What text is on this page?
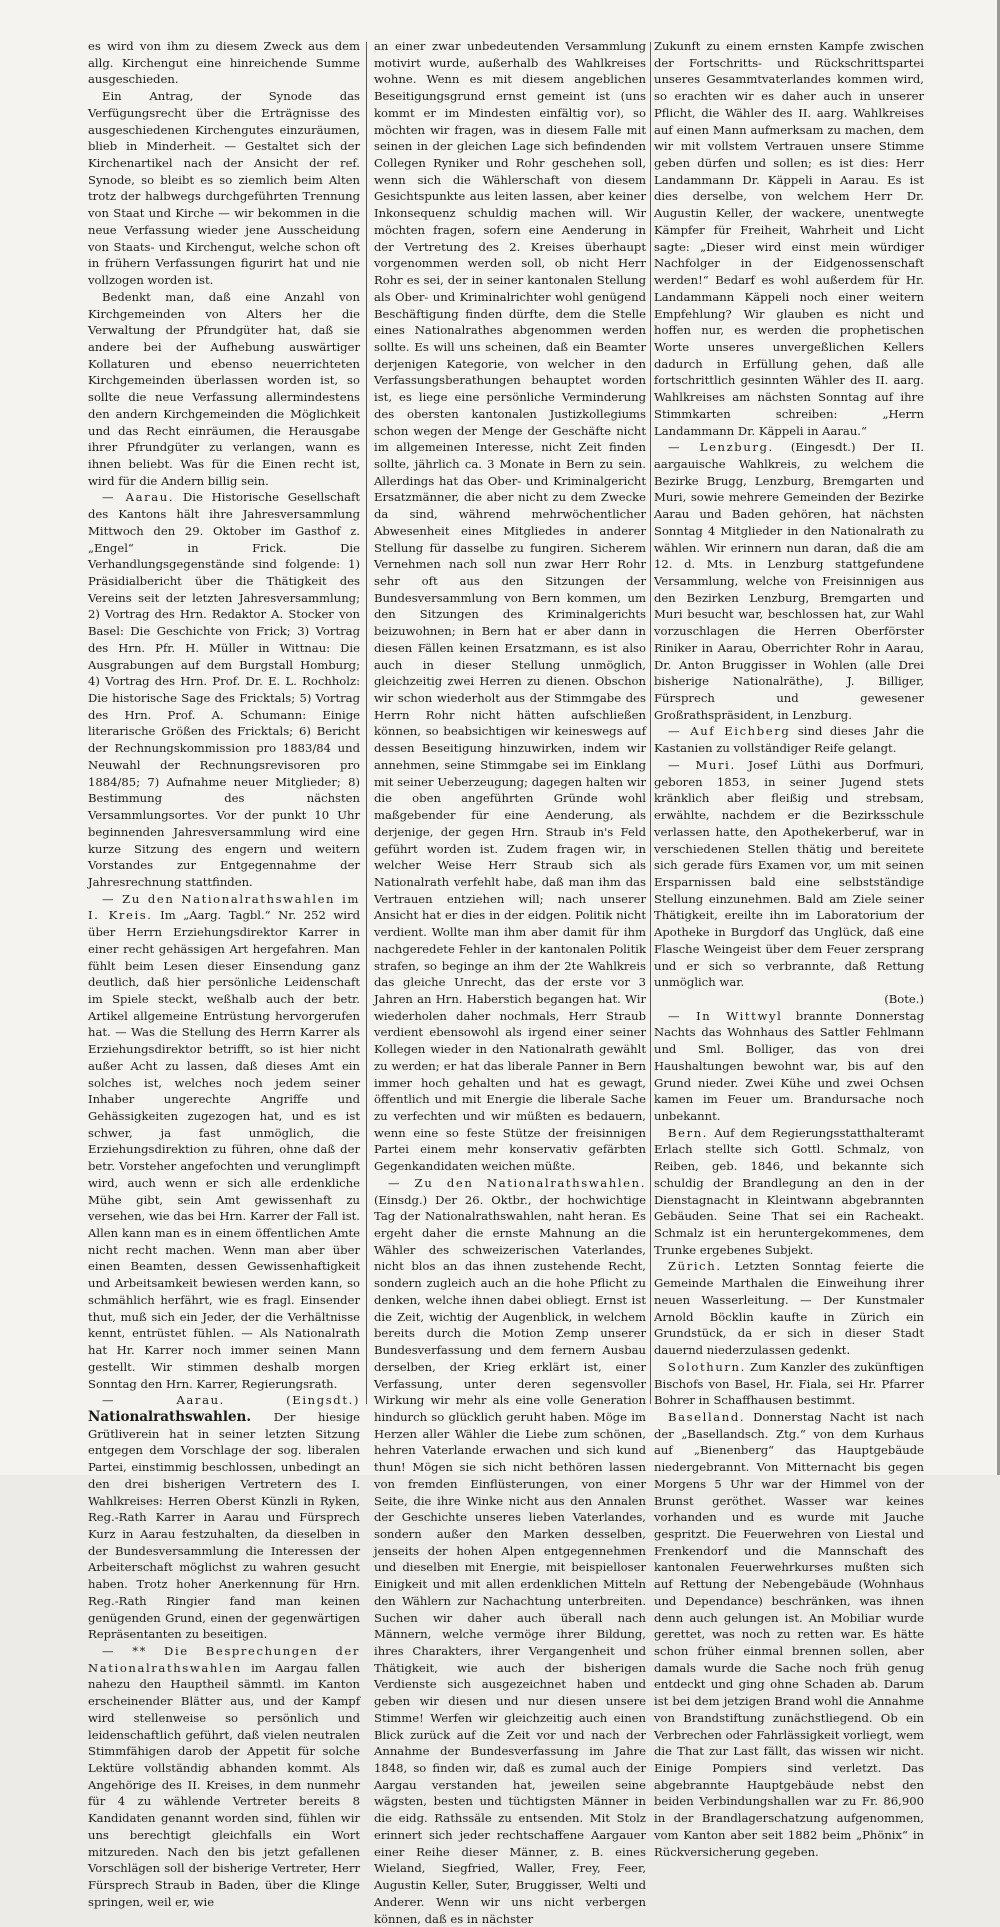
es wird von ihm zu diesem Zweck aus dem allg. Kirchengut eine hinreichende Summe ausgeschieden.

Ein Antrag, der Synode das Verfügungsrecht über die Erträgnisse des ausgeschiedenen Kirchengutes einzuräumen, blieb in Minderheit. — Gestaltet sich der Kirchenartikel nach der Ansicht der ref. Synode, so bleibt es so ziemlich beim Alten trotz der halbwegs durchgeführten Trennung von Staat und Kirche — wir bekommen in die neue Verfassung wieder jene Ausscheidung von Staats- und Kirchengut, welche schon oft in frühern Verfassungen figurirt hat und nie vollzogen worden ist.

Bedenkt man, daß eine Anzahl von Kirchgemeinden von Alters her die Verwaltung der Pfrundgüter hat, daß sie andere bei der Aufhebung auswärtiger Kollaturen und ebenso neuerrichteten Kirchgemeinden überlassen worden ist, so sollte die neue Verfassung allermindestens den andern Kirchgemeinden die Möglichkeit und das Recht einräumen, die Herausgabe ihrer Pfrundgüter zu verlangen, wann es ihnen beliebt. Was für die Einen recht ist, wird für die Andern billig sein.

— Aarau. Die Historische Gesellschaft des Kantons hält ihre Jahresversammlung Mittwoch den 29. Oktober im Gasthof z. „Engel“ in Frick. Die Verhandlungsgegenstände sind folgende: 1) Präsidialbericht über die Thätigkeit des Vereins seit der letzten Jahresversammlung; 2) Vortrag des Hrn. Redaktor A. Stocker von Basel: Die Geschichte von Frick; 3) Vortrag des Hrn. Pfr. H. Müller in Wittnau: Die Ausgrabungen auf dem Burgstall Homburg; 4) Vortrag des Hrn. Prof. Dr. E. L. Rochholz: Die historische Sage des Fricktals; 5) Vortrag des Hrn. Prof. A. Schumann: Einige literarische Größen des Fricktals; 6) Bericht der Rechnungskommission pro 1883/84 und Neuwahl der Rechnungsrevisoren pro 1884/85; 7) Aufnahme neuer Mitglieder; 8) Bestimmung des nächsten Versammlungsortes. Vor der punkt 10 Uhr beginnenden Jahresversammlung wird eine kurze Sitzung des engern und weitern Vorstandes zur Entgegennahme der Jahresrechnung stattfinden.

— Zu den Nationalrathswahlen im I. Kreis. Im „Aarg. Tagbl.“ Nr. 252 wird über Herrn Erziehungsdirektor Karrer in einer recht gehässigen Art hergefahren. Man fühlt beim Lesen dieser Einsendung ganz deutlich, daß hier persönliche Leidenschaft im Spiele steckt, weßhalb auch der betr. Artikel allgemeine Entrüstung hervorgerufen hat. — Was die Stellung des Herrn Karrer als Erziehungsdirektor betrifft, so ist hier nicht außer Acht zu lassen, daß dieses Amt ein solches ist, welches noch jedem seiner Inhaber ungerechte Angriffe und Gehässigkeiten zugezogen hat, und es ist schwer, ja fast unmöglich, die Erziehungsdirektion zu führen, ohne daß der betr. Vorsteher angefochten und verunglimpft wird, auch wenn er sich alle erdenkliche Mühe gibt, sein Amt gewissenhaft zu versehen, wie das bei Hrn. Karrer der Fall ist. Allen kann man es in einem öffentlichen Amte nicht recht machen. Wenn man aber über einen Beamten, dessen Gewissenhaftigkeit und Arbeitsamkeit bewiesen werden kann, so schmählich herfährt, wie es fragl. Einsender thut, muß sich ein Jeder, der die Verhältnisse kennt, entrüstet fühlen. — Als Nationalrath hat Hr. Karrer noch immer seinen Mann gestellt. Wir stimmen deshalb morgen Sonntag den Hrn. Karrer, Regierungsrath.

— Aarau. (Eingsdt.) Nationalrathswahlen. Der hiesige Grütliverein hat in seiner letzten Sitzung entgegen dem Vorschlage der sog. liberalen Partei, einstimmig beschlossen, unbedingt an den drei bisherigen Vertretern des I. Wahlkreises: Herren Oberst Künzli in Ryken, Reg.-Rath Karrer in Aarau und Fürsprech Kurz in Aarau festzuhalten, da dieselben in der Bundesversammlung die Interessen der Arbeiterschaft möglichst zu wahren gesucht haben. Trotz hoher Anerkennung für Hrn. Reg.-Rath Ringier fand man keinen genügenden Grund, einen der gegenwärtigen Repräsentanten zu beseitigen.

— ** Die Besprechungen der Nationalrathswahlen im Aargau fallen nahezu den Hauptheil sämmtl. im Kanton erscheinender Blätter aus, und der Kampf wird stellenweise so persönlich und leidenschaftlich geführt, daß vielen neutralen Stimmfähigen darob der Appetit für solche Lektüre vollständig abhanden kommt. Als Angehörige des II. Kreises, in dem nunmehr für 4 zu wählende Vertreter bereits 8 Kandidaten genannt worden sind, fühlen wir uns berechtigt gleichfalls ein Wort mitzureden. Nach den bis jetzt gefallenen Vorschlägen soll der bisherige Vertreter, Herr Fürsprech Straub in Baden, über die Klinge springen, weil er, wie

an einer zwar unbedeutenden Versammlung motivirt wurde, außerhalb des Wahlkreises wohne. Wenn es mit diesem angeblichen Beseitigungsgrund ernst gemeint ist (uns kommt er im Mindesten einfältig vor), so möchten wir fragen, was in diesem Falle mit seinen in der gleichen Lage sich befindenden Collegen Ryniker und Rohr geschehen soll, wenn sich die Wählerschaft von diesem Gesichtspunkte aus leiten lassen, aber keiner Inkonsequenz schuldig machen will. Wir möchten fragen, sofern eine Aenderung in der Vertretung des 2. Kreises überhaupt vorgenommen werden soll, ob nicht Herr Rohr es sei, der in seiner kantonalen Stellung als Ober- und Kriminalrichter wohl genügend Beschäftigung finden dürfte, dem die Stelle eines Nationalrathes abgenommen werden sollte. Es will uns scheinen, daß ein Beamter derjenigen Kategorie, von welcher in den Verfassungsberathungen behauptet worden ist, es liege eine persönliche Verminderung des obersten kantonalen Justizkollegiums schon wegen der Menge der Geschäfte nicht im allgemeinen Interesse, nicht Zeit finden sollte, jährlich ca. 3 Monate in Bern zu sein. Allerdings hat das Ober- und Kriminalgericht Ersatzmänner, die aber nicht zu dem Zwecke da sind, während mehrwöchentlicher Abwesenheit eines Mitgliedes in anderer Stellung für dasselbe zu fungiren. Sicherem Vernehmen nach soll nun zwar Herr Rohr sehr oft aus den Sitzungen der Bundesversammlung von Bern kommen, um den Sitzungen des Kriminalgerichts beizuwohnen; in Bern hat er aber dann in diesen Fällen keinen Ersatzmann, es ist also auch in dieser Stellung unmöglich, gleichzeitig zwei Herren zu dienen. Obschon wir schon wiederholt aus der Stimmgabe des Herrn Rohr nicht hätten aufschließen können, so beabsichtigen wir keineswegs auf dessen Beseitigung hinzuwirken, indem wir annehmen, seine Stimmgabe sei im Einklang mit seiner Ueberzeugung; dagegen halten wir die oben angeführten Gründe wohl maßgebender für eine Aenderung, als derjenige, der gegen Hrn. Straub in's Feld geführt worden ist. Zudem fragen wir, in welcher Weise Herr Straub sich als Nationalrath verfehlt habe, daß man ihm das Vertrauen entziehen will; nach unserer Ansicht hat er dies in der eidgen. Politik nicht verdient. Wollte man ihm aber damit für ihm nachgeredete Fehler in der kantonalen Politik strafen, so beginge an ihm der 2te Wahlkreis das gleiche Unrecht, das der erste vor 3 Jahren an Hrn. Haberstich begangen hat. Wir wiederholen daher nochmals, Herr Straub verdient ebensowohl als irgend einer seiner Kollegen wieder in den Nationalrath gewählt zu werden; er hat das liberale Panner in Bern immer hoch gehalten und hat es gewagt, öffentlich und mit Energie die liberale Sache zu verfechten und wir müßten es bedauern, wenn eine so feste Stütze der freisinnigen Partei einem mehr konservativ gefärbten Gegenkandidaten weichen müßte.

— Zu den Nationalrathswahlen. (Einsdg.) Der 26. Oktbr., der hochwichtige Tag der Nationalrathswahlen, naht heran. Es ergeht daher die ernste Mahnung an die Wähler des schweizerischen Vaterlandes, nicht blos an das ihnen zustehende Recht, sondern zugleich auch an die hohe Pflicht zu denken, welche ihnen dabei obliegt. Ernst ist die Zeit, wichtig der Augenblick, in welchem bereits durch die Motion Zemp unserer Bundesverfassung und dem fernern Ausbau derselben, der Krieg erklärt ist, einer Verfassung, unter deren segensvoller Wirkung wir mehr als eine volle Generation hindurch so glücklich geruht haben. Möge im Herzen aller Wähler die Liebe zum schönen, hehren Vaterlande erwachen und sich kund thun! Mögen sie sich nicht bethören lassen von fremden Einflüsterungen, von einer Seite, die ihre Winke nicht aus den Annalen der Geschichte unseres lieben Vaterlandes, sondern außer den Marken desselben, jenseits der hohen Alpen entgegennehmen und dieselben mit Energie, mit beispielloser Einigkeit und mit allen erdenklichen Mitteln den Wählern zur Nachachtung unterbreiten. Suchen wir daher auch überall nach Männern, welche vermöge ihrer Bildung, ihres Charakters, ihrer Vergangenheit und Thätigkeit, wie auch der bisherigen Verdienste sich ausgezeichnet haben und geben wir diesen und nur diesen unsere Stimme! Werfen wir gleichzeitig auch einen Blick zurück auf die Zeit vor und nach der Annahme der Bundesverfassung im Jahre 1848, so finden wir, daß es zumal auch der Aargau verstanden hat, jeweilen seine wägsten, besten und tüchtigsten Männer in die eidg. Rathssäle zu entsenden. Mit Stolz erinnert sich jeder rechtschaffene Aargauer einer Reihe dieser Männer, z. B. eines Wieland, Siegfried, Waller, Frey, Feer, Augustin Keller, Suter, Bruggisser, Welti und Anderer. Wenn wir uns nicht verbergen können, daß es in nächster

Zukunft zu einem ernsten Kampfe zwischen der Fortschritts- und Rückschrittspartei unseres Gesammtvaterlandes kommen wird, so erachten wir es daher auch in unserer Pflicht, die Wähler des II. aarg. Wahlkreises auf einen Mann aufmerksam zu machen, dem wir mit vollstem Vertrauen unsere Stimme geben dürfen und sollen; es ist dies: Herr Landammann Dr. Käppeli in Aarau. Es ist dies derselbe, von welchem Herr Dr. Augustin Keller, der wackere, unentwegte Kämpfer für Freiheit, Wahrheit und Licht sagte: „Dieser wird einst mein würdiger Nachfolger in der Eidgenossenschaft werden!“ Bedarf es wohl außerdem für Hr. Landammann Käppeli noch einer weitern Empfehlung? Wir glauben es nicht und hoffen nur, es werden die prophetischen Worte unseres unvergeßlichen Kellers dadurch in Erfüllung gehen, daß alle fortschrittlich gesinnten Wähler des II. aarg. Wahlkreises am nächsten Sonntag auf ihre Stimmkarten schreiben: „Herrn Landammann Dr. Käppeli in Aarau.“

— Lenzburg. (Eingesdt.) Der II. aargauische Wahlkreis, zu welchem die Bezirke Brugg, Lenzburg, Bremgarten und Muri, sowie mehrere Gemeinden der Bezirke Aarau und Baden gehören, hat nächsten Sonntag 4 Mitglieder in den Nationalrath zu wählen. Wir erinnern nun daran, daß die am 12. d. Mts. in Lenzburg stattgefundene Versammlung, welche von Freisinnigen aus den Bezirken Lenzburg, Bremgarten und Muri besucht war, beschlossen hat, zur Wahl vorzuschlagen die Herren Oberförster Riniker in Aarau, Oberrichter Rohr in Aarau, Dr. Anton Bruggisser in Wohlen (alle Drei bisherige Nationalräthe), J. Billiger, Fürsprech und gewesener Großrathspräsident, in Lenzburg.

— Auf Eichberg sind dieses Jahr die Kastanien zu vollständiger Reife gelangt.

— Muri. Josef Lüthi aus Dorfmuri, geboren 1853, in seiner Jugend stets kränklich aber fleißig und strebsam, erwählte, nachdem er die Bezirksschule verlassen hatte, den Apothekerberuf, war in verschiedenen Stellen thätig und bereitete sich gerade fürs Examen vor, um mit seinen Ersparnissen bald eine selbstständige Stellung einzunehmen. Bald am Ziele seiner Thätigkeit, ereilte ihn im Laboratorium der Apotheke in Burgdorf das Unglück, daß eine Flasche Weingeist über dem Feuer zersprang und er sich so verbrannte, daß Rettung unmöglich war.

(Bote.)

— In Wittwyl brannte Donnerstag Nachts das Wohnhaus des Sattler Fehlmann und Sml. Bolliger, das von drei Haushaltungen bewohnt war, bis auf den Grund nieder. Zwei Kühe und zwei Ochsen kamen im Feuer um. Brandursache noch unbekannt.

Bern. Auf dem Regierungsstatthalteramt Erlach stellte sich Gottl. Schmalz, von Reiben, geb. 1846, und bekannte sich schuldig der Brandlegung an den in der Dienstagnacht in Kleintwann abgebrannten Gebäuden. Seine That sei ein Racheakt. Schmalz ist ein heruntergekommenes, dem Trunke ergebenes Subjekt.

Zürich. Letzten Sonntag feierte die Gemeinde Marthalen die Einweihung ihrer neuen Wasserleitung. — Der Kunstmaler Arnold Böcklin kaufte in Zürich ein Grundstück, da er sich in dieser Stadt dauernd niederzulassen gedenkt.

Solothurn. Zum Kanzler des zukünftigen Bischofs von Basel, Hr. Fiala, sei Hr. Pfarrer Bohrer in Schaffhausen bestimmt.

Baselland. Donnerstag Nacht ist nach der „Basellandsch. Ztg.“ von dem Kurhaus auf „Bienenberg“ das Hauptgebäude niedergebrannt. Von Mitternacht bis gegen Morgens 5 Uhr war der Himmel von der Brunst geröthet. Wasser war keines vorhanden und es wurde mit Jauche gespritzt. Die Feuerwehren von Liestal und Frenkendorf und die Mannschaft des kantonalen Feuerwehrkurses mußten sich auf Rettung der Nebengebäude (Wohnhaus und Dependance) beschränken, was ihnen denn auch gelungen ist. An Mobiliar wurde gerettet, was noch zu retten war. Es hätte schon früher einmal brennen sollen, aber damals wurde die Sache noch früh genug entdeckt und ging ohne Schaden ab. Darum ist bei dem jetzigen Brand wohl die Annahme von Brandstiftung zunächstliegend. Ob ein Verbrechen oder Fahrlässigkeit vorliegt, wem die That zur Last fällt, das wissen wir nicht. Einige Pompiers sind verletzt. Das abgebrannte Hauptgebäude nebst den beiden Verbindungshallen war zu Fr. 86,900 in der Brandlagerschatzung aufgenommen, vom Kanton aber seit 1882 beim „Phönix“ in Rückversicherung gegeben.
